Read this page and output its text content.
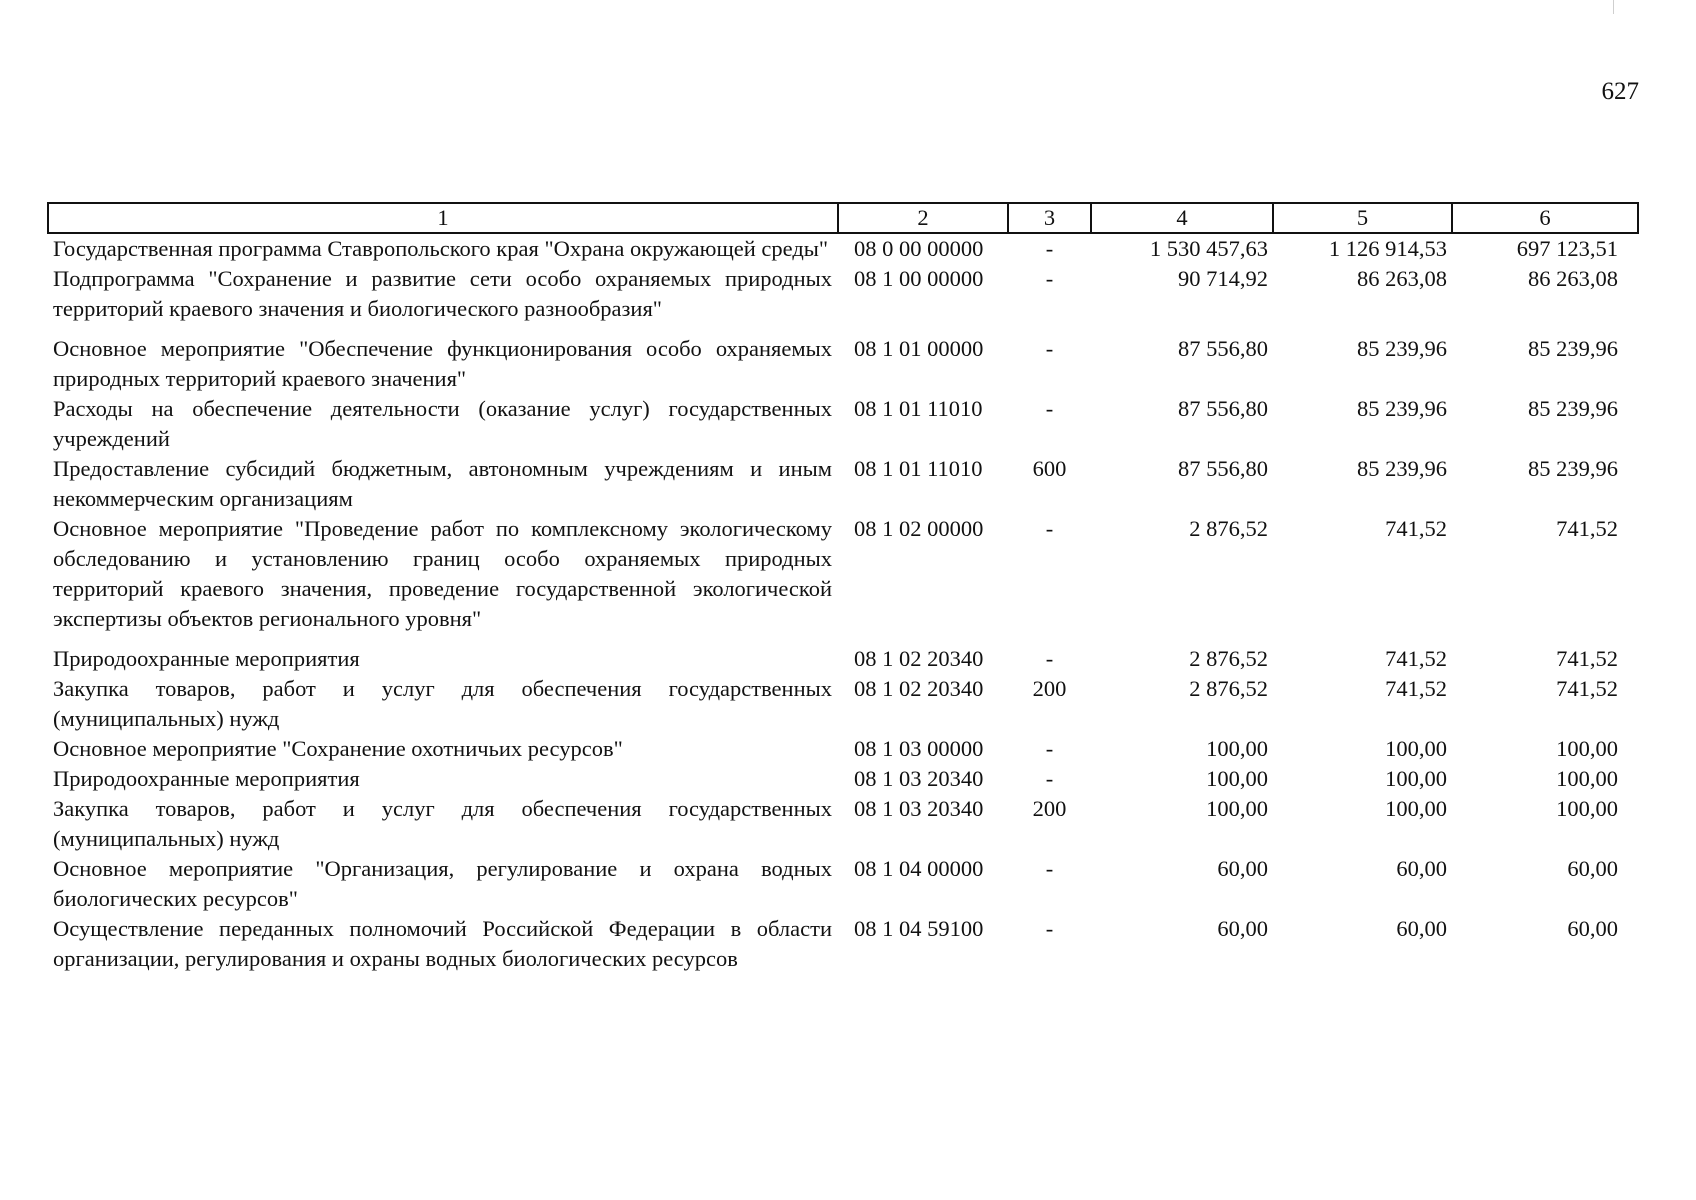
627
1	2	3	4	5	6
Государственная программа Ставропольского края "Охрана окружающей среды"	08 0 00 00000	-	1 530 457,63	1 126 914,53	697 123,51
Подпрограмма "Сохранение и развитие сети особо охраняемых природных территорий краевого значения и биологического разнообразия"	08 1 00 00000	-	90 714,92	86 263,08	86 263,08
Основное мероприятие "Обеспечение функционирования особо охраняемых природных территорий краевого значения"	08 1 01 00000	-	87 556,80	85 239,96	85 239,96
Расходы на обеспечение деятельности (оказание услуг) государственных учреждений	08 1 01 11010	-	87 556,80	85 239,96	85 239,96
Предоставление субсидий бюджетным, автономным учреждениям и иным некоммерческим организациям	08 1 01 11010	600	87 556,80	85 239,96	85 239,96
Основное мероприятие "Проведение работ по комплексному экологическому обследованию и установлению границ особо охраняемых природных территорий краевого значения, проведение государственной экологической экспертизы объектов регионального уровня"	08 1 02 00000	-	2 876,52	741,52	741,52
Природоохранные мероприятия	08 1 02 20340	-	2 876,52	741,52	741,52
Закупка товаров, работ и услуг для обеспечения государственных (муниципальных) нужд	08 1 02 20340	200	2 876,52	741,52	741,52
Основное мероприятие "Сохранение охотничьих ресурсов"	08 1 03 00000	-	100,00	100,00	100,00
Природоохранные мероприятия	08 1 03 20340	-	100,00	100,00	100,00
Закупка товаров, работ и услуг для обеспечения государственных (муниципальных) нужд	08 1 03 20340	200	100,00	100,00	100,00
Основное мероприятие "Организация, регулирование и охрана водных биологических ресурсов"	08 1 04 00000	-	60,00	60,00	60,00
Осуществление переданных полномочий Российской Федерации в области организации, регулирования и охраны водных биологических ресурсов	08 1 04 59100	-	60,00	60,00	60,00
